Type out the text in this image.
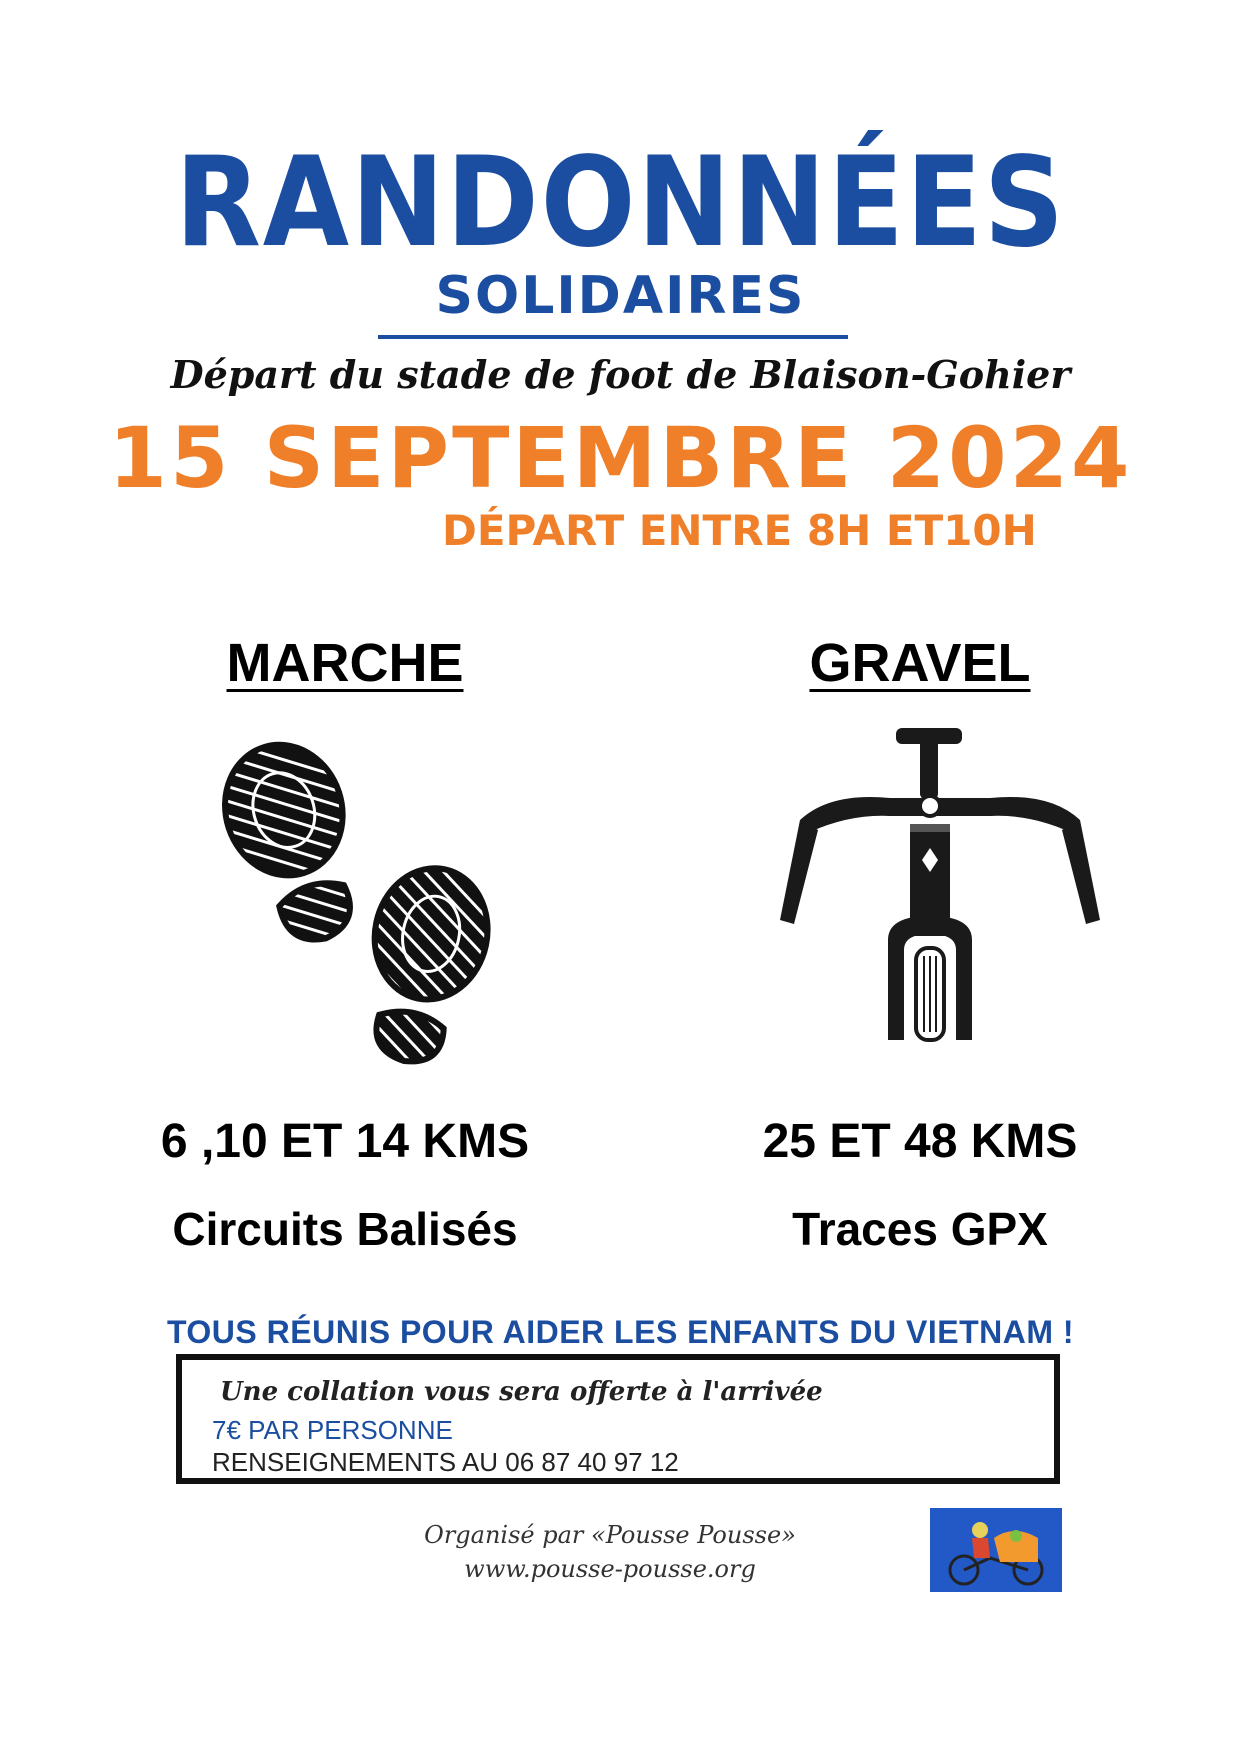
RANDONNÉES
SOLIDAIRES
Départ du stade de foot de Blaison-Gohier
15 SEPTEMBRE 2024
DÉPART ENTRE 8H ET10H
MARCHE	GRAVEL
6 ,10 ET 14 KMS	25 ET 48 KMS
Circuits Balisés	Traces GPX
TOUS RÉUNIS POUR AIDER LES ENFANTS DU VIETNAM !
Une collation vous sera offerte à l'arrivée
7€ PAR PERSONNE
RENSEIGNEMENTS AU 06 87 40 97 12
Organisé par «Pousse Pousse»
www.pousse-pousse.org
